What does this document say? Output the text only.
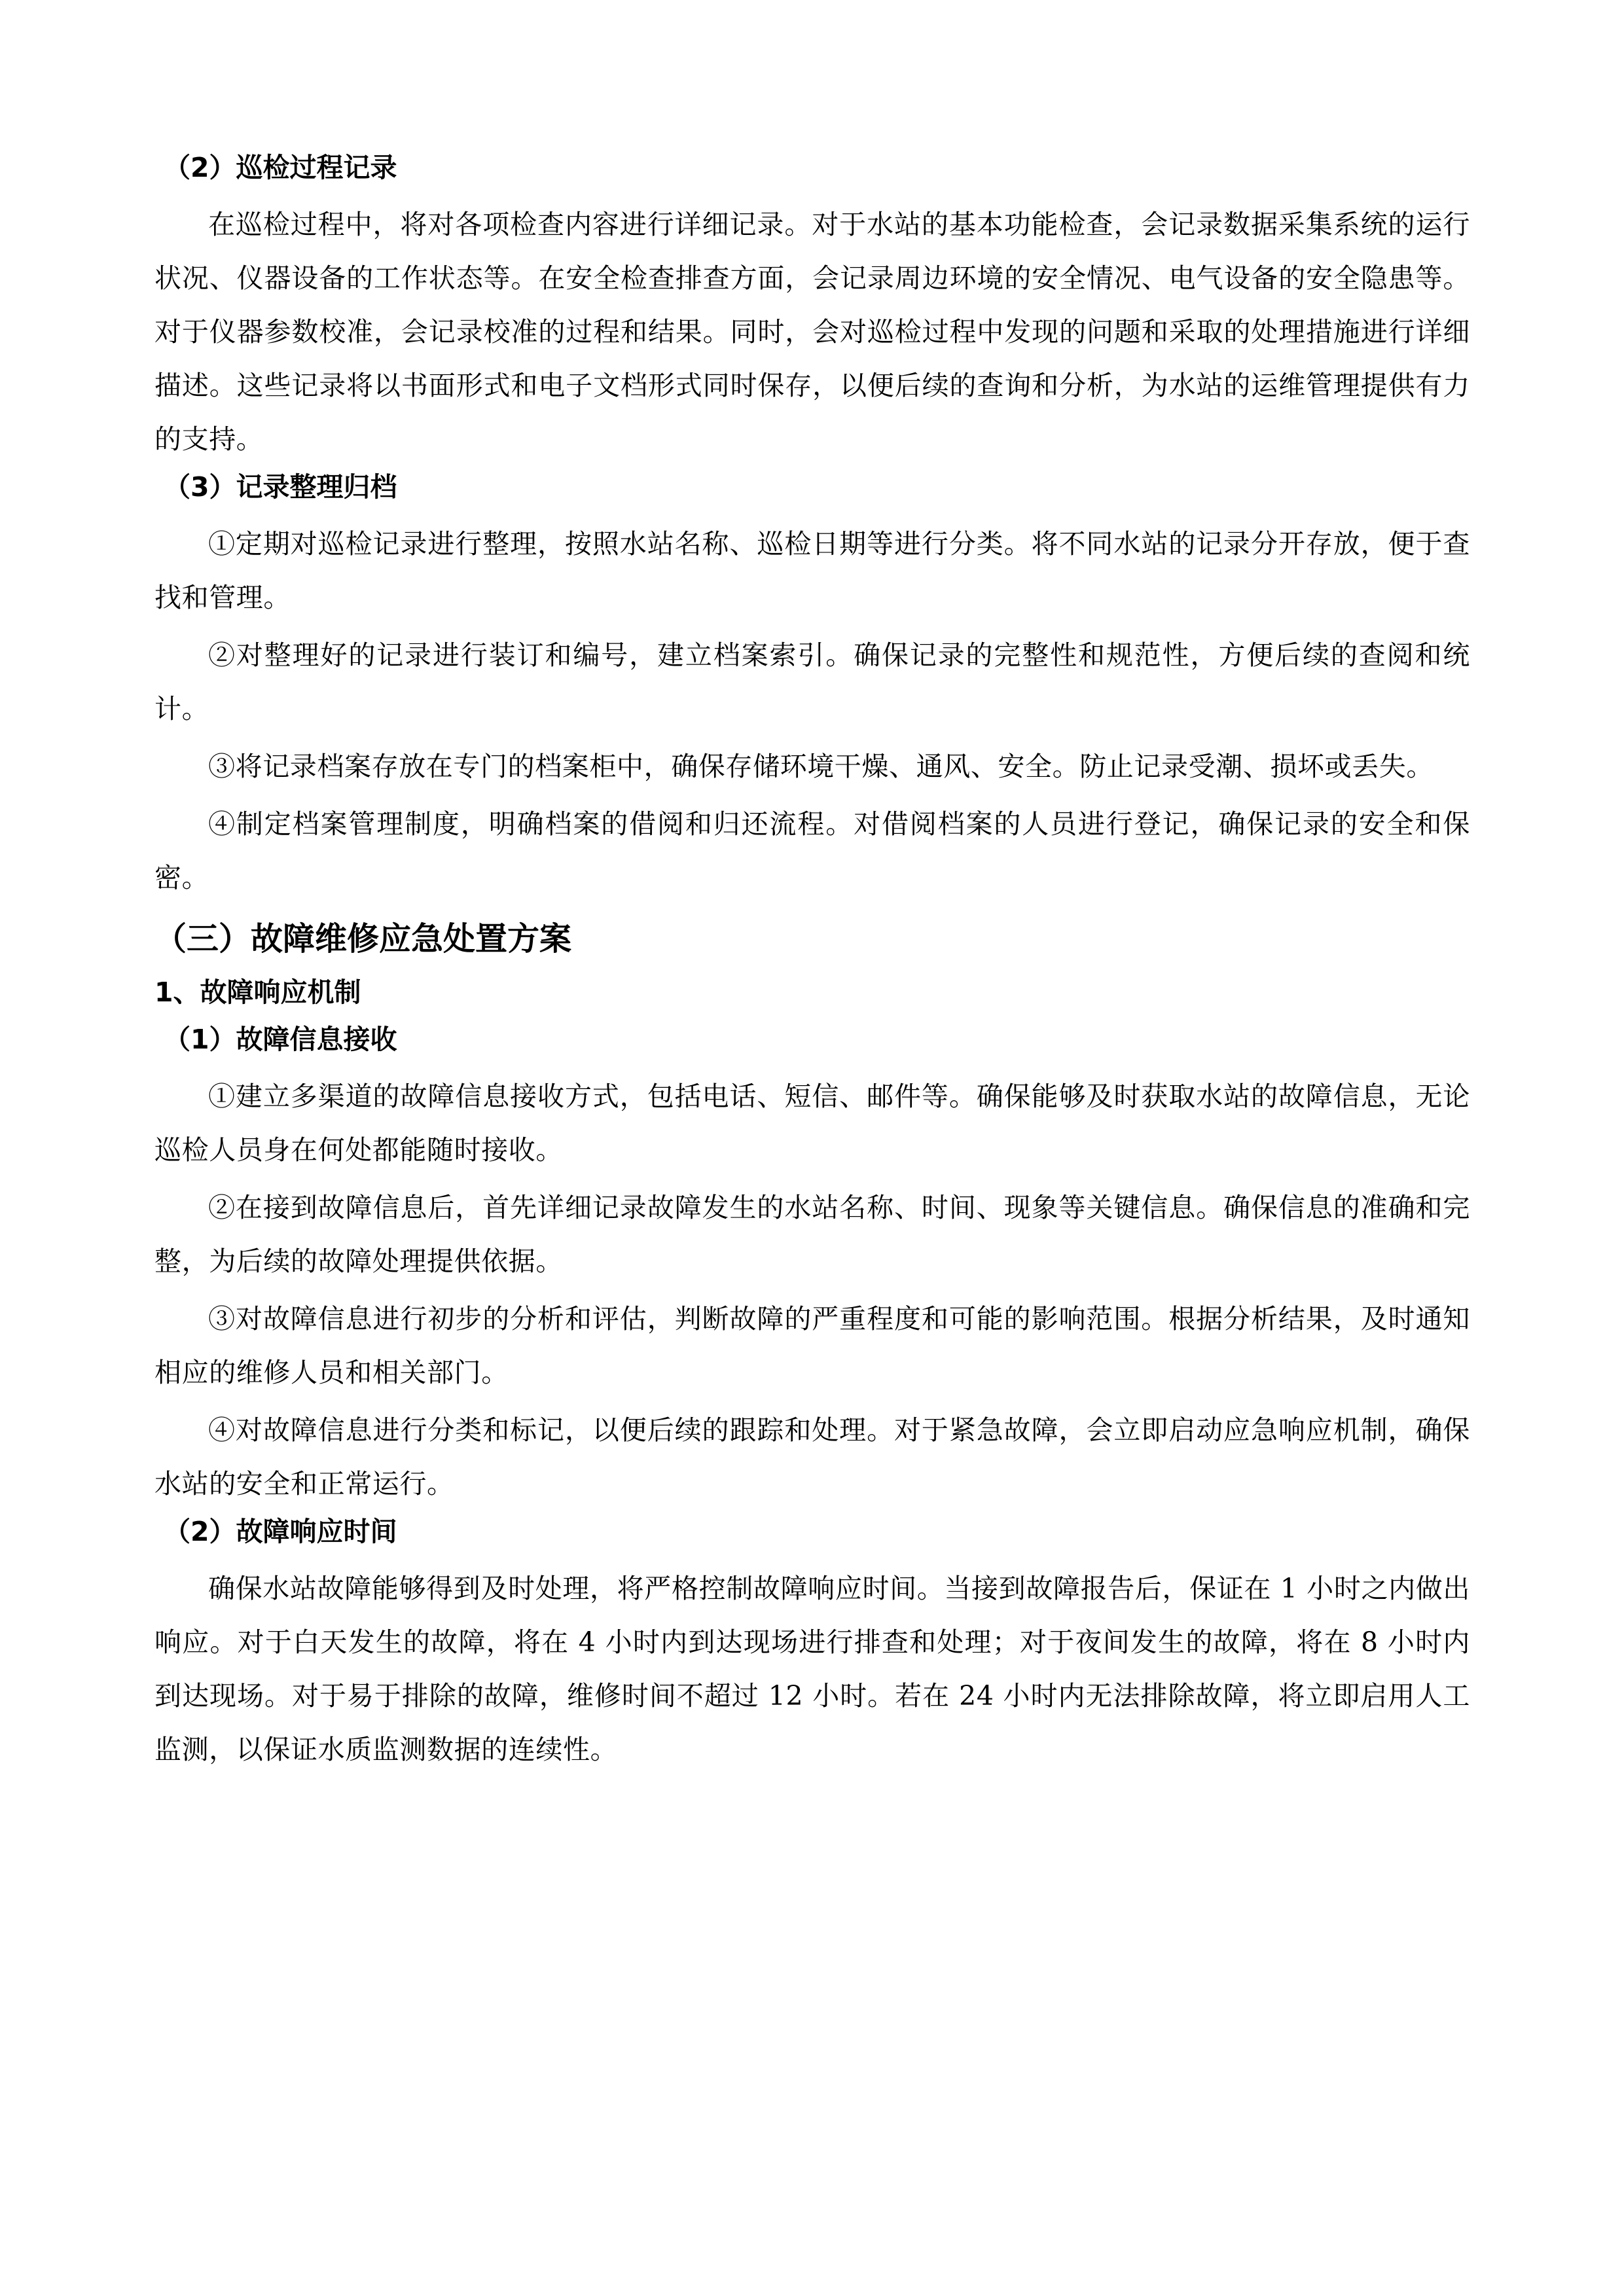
（2）巡检过程记录

在巡检过程中，将对各项检查内容进行详细记录。对于水站的基本功能检查，会记录数据采集系统的运行状况、仪器设备的工作状态等。在安全检查排查方面，会记录周边环境的安全情况、电气设备的安全隐患等。对于仪器参数校准，会记录校准的过程和结果。同时，会对巡检过程中发现的问题和采取的处理措施进行详细描述。这些记录将以书面形式和电子文档形式同时保存，以便后续的查询和分析，为水站的运维管理提供有力的支持。

（3）记录整理归档

①定期对巡检记录进行整理，按照水站名称、巡检日期等进行分类。将不同水站的记录分开存放，便于查找和管理。

②对整理好的记录进行装订和编号，建立档案索引。确保记录的完整性和规范性，方便后续的查阅和统计。

③将记录档案存放在专门的档案柜中，确保存储环境干燥、通风、安全。防止记录受潮、损坏或丢失。

④制定档案管理制度，明确档案的借阅和归还流程。对借阅档案的人员进行登记，确保记录的安全和保密。

（三）故障维修应急处置方案
1、故障响应机制
（1）故障信息接收

①建立多渠道的故障信息接收方式，包括电话、短信、邮件等。确保能够及时获取水站的故障信息，无论巡检人员身在何处都能随时接收。

②在接到故障信息后，首先详细记录故障发生的水站名称、时间、现象等关键信息。确保信息的准确和完整，为后续的故障处理提供依据。

③对故障信息进行初步的分析和评估，判断故障的严重程度和可能的影响范围。根据分析结果，及时通知相应的维修人员和相关部门。

④对故障信息进行分类和标记，以便后续的跟踪和处理。对于紧急故障，会立即启动应急响应机制，确保水站的安全和正常运行。

（2）故障响应时间

确保水站故障能够得到及时处理，将严格控制故障响应时间。当接到故障报告后，保证在 1 小时之内做出响应。对于白天发生的故障，将在 4 小时内到达现场进行排查和处理；对于夜间发生的故障，将在 8 小时内到达现场。对于易于排除的故障，维修时间不超过 12 小时。若在 24 小时内无法排除故障，将立即启用人工监测，以保证水质监测数据的连续性。
